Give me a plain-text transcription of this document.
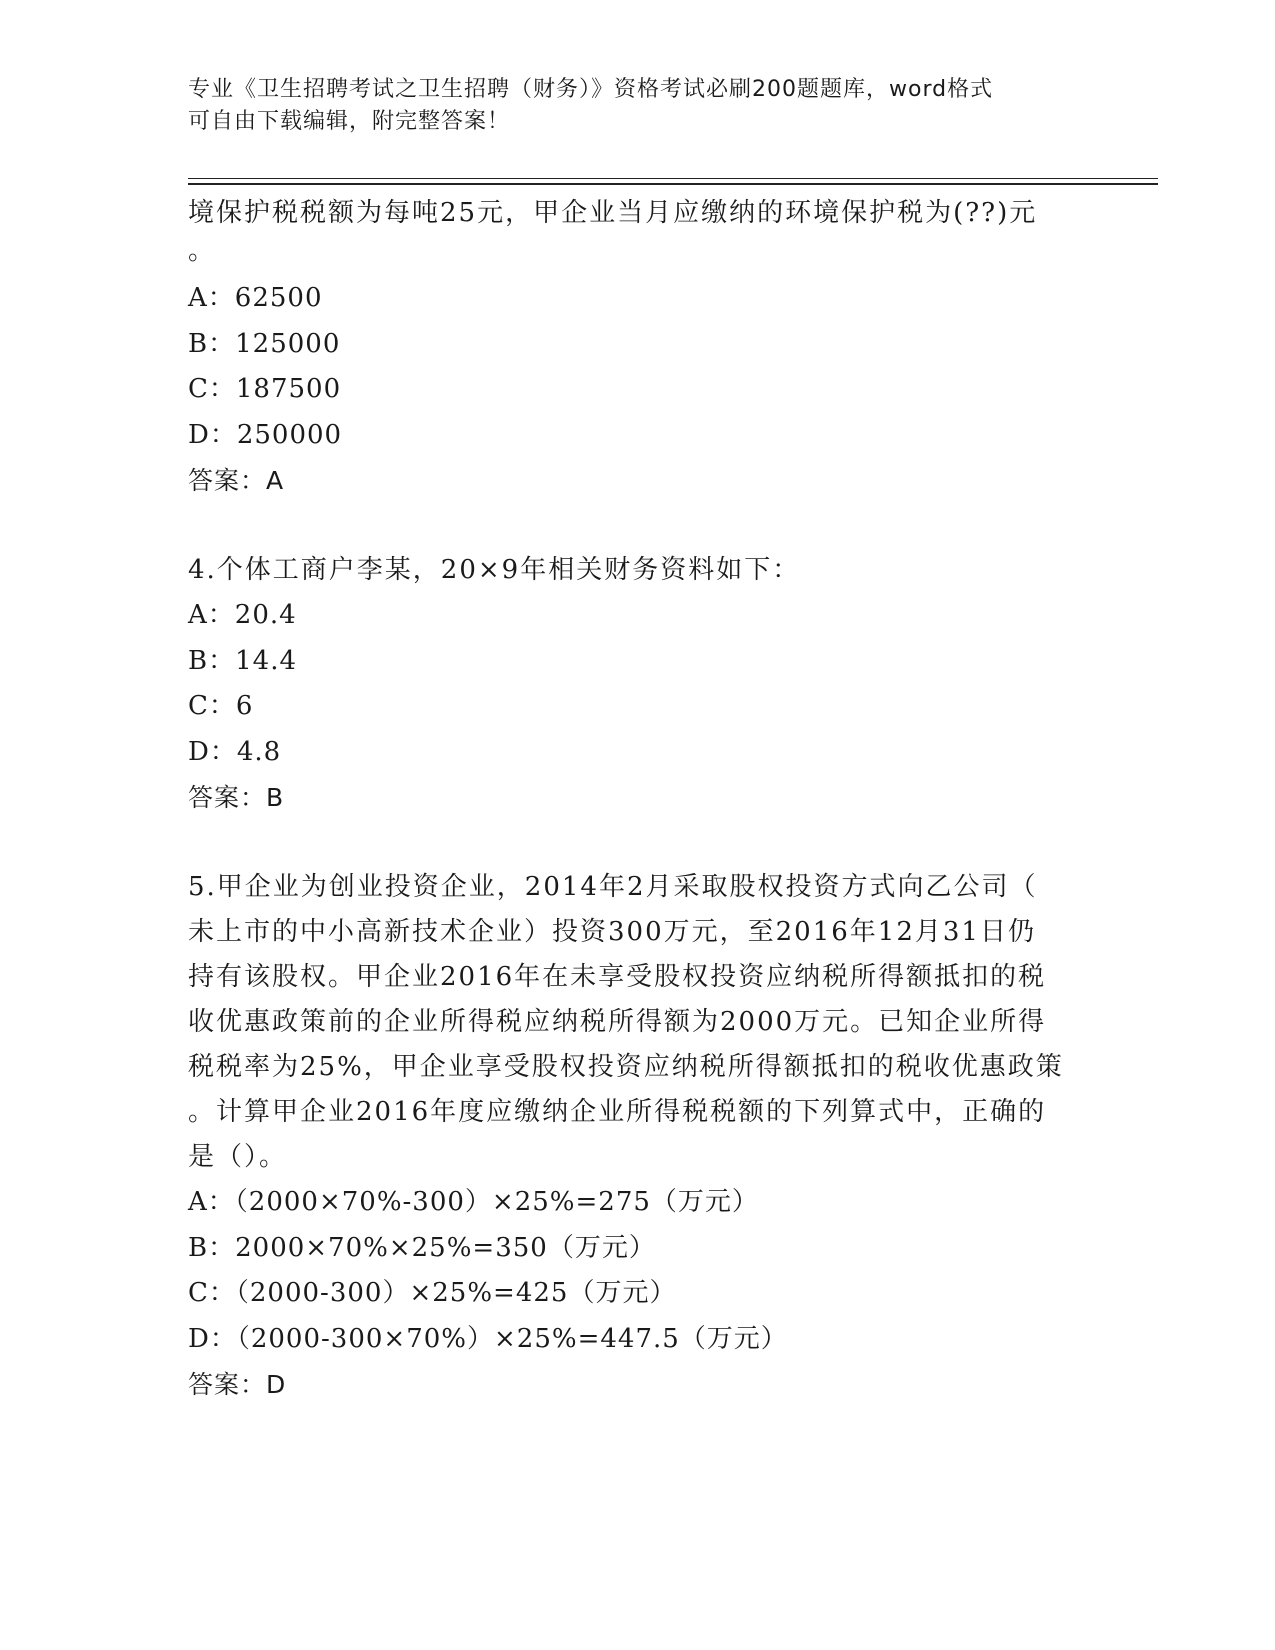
专业《卫生招聘考试之卫生招聘（财务）》资格考试必刷200题题库，word格式
可自由下载编辑，附完整答案！
境保护税税额为每吨25元，甲企业当月应缴纳的环境保护税为(??)元
。
A：62500
B：125000
C：187500
D：250000
答案：A
4.个体工商户李某，20×9年相关财务资料如下：
A：20.4
B：14.4
C：6
D：4.8
答案：B
5.甲企业为创业投资企业，2014年2月采取股权投资方式向乙公司（
未上市的中小高新技术企业）投资300万元，至2016年12月31日仍
持有该股权。甲企业2016年在未享受股权投资应纳税所得额抵扣的税
收优惠政策前的企业所得税应纳税所得额为2000万元。已知企业所得
税税率为25%，甲企业享受股权投资应纳税所得额抵扣的税收优惠政策
。计算甲企业2016年度应缴纳企业所得税税额的下列算式中，正确的
是（）。
A：（2000×70%-300）×25%=275（万元）
B：2000×70%×25%=350（万元）
C：（2000-300）×25%=425（万元）
D：（2000-300×70%）×25%=447.5（万元）
答案：D
